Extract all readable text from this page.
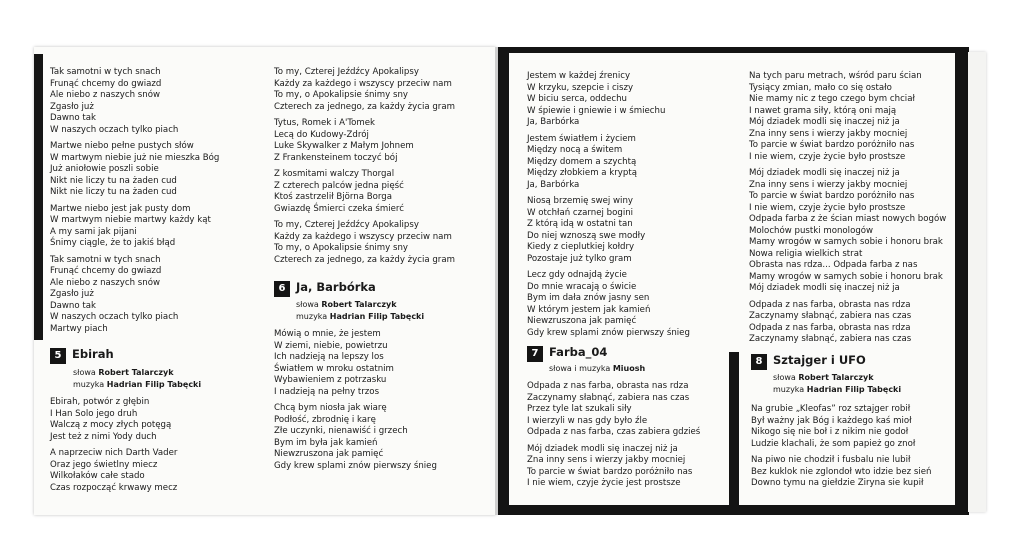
Tak samotni w tych snach
Frunąć chcemy do gwiazd
Ale niebo z naszych snów
Zgasło już
Dawno tak
W naszych oczach tylko piach
Martwe niebo pełne pustych słów
W martwym niebie już nie mieszka Bóg
Już aniołowie poszli sobie
Nikt nie liczy tu na żaden cud
Nikt nie liczy tu na żaden cud
Martwe niebo jest jak pusty dom
W martwym niebie martwy każdy kąt
A my sami jak pijani
Śnimy ciągle, że to jakiś błąd
Tak samotni w tych snach
Frunąć chcemy do gwiazd
Ale niebo z naszych snów
Zgasło już
Dawno tak
W naszych oczach tylko piach
Martwy piach
5 Ebirah
słowa Robert Talarczyk
muzyka Hadrian Filip Tabęcki
Ebirah, potwór z głębin
I Han Solo jego druh
Walczą z mocy złych potęgą
Jest też z nimi Yody duch
A naprzeciw nich Darth Vader
Oraz jego świetlny miecz
Wilkołaków całe stado
Czas rozpocząć krwawy mecz
To my, Czterej Jeźdźcy Apokalipsy
Każdy za każdego i wszyscy przeciw nam
To my, o Apokalipsie śnimy sny
Czterech za jednego, za każdy życia gram
Tytus, Romek i A'Tomek
Lecą do Kudowy-Zdrój
Luke Skywalker z Małym Johnem
Z Frankensteinem toczyć bój
Z kosmitami walczy Thorgal
Z czterech palców jedna pięść
Ktoś zastrzelił Björna Borga
Gwiazdę Śmierci czeka śmierć
To my, Czterej Jeźdźcy Apokalipsy
Każdy za każdego i wszyscy przeciw nam
To my, o Apokalipsie śnimy sny
Czterech za jednego, za każdy życia gram
6 Ja, Barbórka
słowa Robert Talarczyk
muzyka Hadrian Filip Tabęcki
Mówią o mnie, że jestem
W ziemi, niebie, powietrzu
Ich nadzieją na lepszy los
Światłem w mroku ostatnim
Wybawieniem z potrzasku
I nadzieją na pełny trzos
Chcą bym niosła jak wiarę
Podłość, zbrodnię i karę
Złe uczynki, nienawiść i grzech
Bym im była jak kamień
Niewzruszona jak pamięć
Gdy krew splami znów pierwszy śnieg
Jestem w każdej źrenicy
W krzyku, szepcie i ciszy
W biciu serca, oddechu
W śpiewie i gniewie i w śmiechu
Ja, Barbórka
Jestem światłem i życiem
Między nocą a świtem
Między domem a szychtą
Między złobkiem a kryptą
Ja, Barbórka
Niosą brzemię swej winy
W otchłań czarnej bogini
Z którą idą w ostatni tan
Do niej wznoszą swe modły
Kiedy z cieplutkiej kołdry
Pozostaje już tylko gram
Lecz gdy odnajdą życie
Do mnie wracają o świcie
Bym im dała znów jasny sen
W którym jestem jak kamień
Niewzruszona jak pamięć
Gdy krew splami znów pierwszy śnieg
7 Farba_04
słowa i muzyka Miuosh
Odpada z nas farba, obrasta nas rdza
Zaczynamy słabnąć, zabiera nas czas
Przez tyle lat szukali siły
I wierzyli w nas gdy było źle
Odpada z nas farba, czas zabiera gdzieś
Mój dziadek modli się inaczej niż ja
Zna inny sens i wierzy jakby mocniej
To parcie w świat bardzo poróżniło nas
I nie wiem, czyje życie jest prostsze
Na tych paru metrach, wśród paru ścian
Tysiący zmian, mało co się ostało
Nie mamy nic z tego czego bym chciał
I nawet grama siły, którą oni mają
Mój dziadek modli się inaczej niż ja
Zna inny sens i wierzy jakby mocniej
To parcie w świat bardzo poróżniło nas
I nie wiem, czyje życie było prostsze
Mój dziadek modli się inaczej niż ja
Zna inny sens i wierzy jakby mocniej
To parcie w świat bardzo poróżniło nas
I nie wiem, czyje życie było prostsze
Odpada farba z że ścian miast nowych bogów
Molochów pustki monologów
Mamy wrogów w samych sobie i honoru brak
Nowa religia wielkich strat
Obrasta nas rdza... Odpada farba z nas
Mamy wrogów w samych sobie i honoru brak
Mój dziadek modli się inaczej niż ja
Odpada z nas farba, obrasta nas rdza
Zaczynamy słabnąć, zabiera nas czas
Odpada z nas farba, obrasta nas rdza
Zaczynamy słabnąć, zabiera nas czas
8 Sztajger i UFO
słowa Robert Talarczyk
muzyka Hadrian Filip Tabęcki
Na grubie „Kleofas” roz sztajger robił
Był ważny jak Bóg i każdego kaś mioł
Nikogo się nie boł i z nikim nie godoł
Ludzie klachali, że som papież go znoł
Na piwo nie chodził i fusbalu nie lubił
Bez kuklok nie zglondoł wto idzie bez sień
Downo tymu na giełdzie Ziryna sie kupił
